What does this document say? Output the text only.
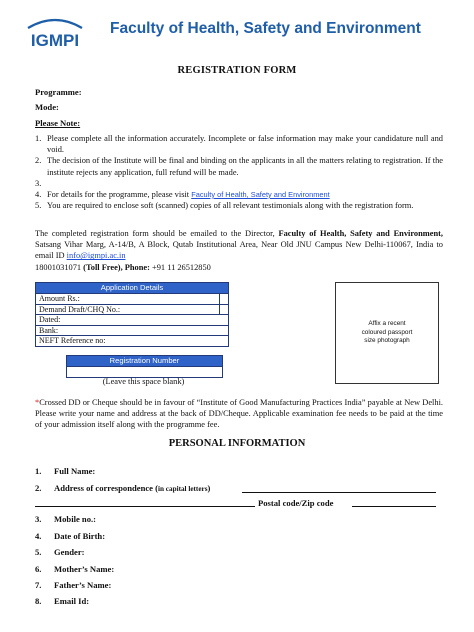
IGMPI
Faculty of Health, Safety and Environment
REGISTRATION FORM
Programme:
Mode:
Please Note:
1. Please complete all the information accurately. Incomplete or false information may make your candidature null and void.
2. The decision of the Institute will be final and binding on the applicants in all the matters relating to registration. If the institute rejects any application, full refund will be made.
3.
4. For details for the programme, please visit Faculty of Health, Safety and Environment
5. You are required to enclose soft (scanned) copies of all relevant testimonials along with the registration form.
The completed registration form should be emailed to the Director, Faculty of Health, Safety and Environment, Satsang Vihar Marg, A-14/B, A Block, Qutab Institutional Area, Near Old JNU Campus New Delhi-110067, India to email ID info@igmpi.ac.in
18001031071 (Toll Free), Phone: +91 11 26512850
Application Details
Amount Rs.:
Demand Draft/CHQ No.:
Dated:
Bank:
NEFT Reference no:
Affix a recent
coloured passport
size photograph
Registration Number
(Leave this space blank)
*Crossed DD or Cheque should be in favour of “Institute of Good Manufacturing Practices India” payable at New Delhi. Please write your name and address at the back of DD/Cheque. Applicable examination fee needs to be paid at the time of your admission itself along with the programme fee.
PERSONAL INFORMATION
1. Full Name:
2. Address of correspondence (in capital letters)
Postal code/Zip code
3. Mobile no.:
4. Date of Birth:
5. Gender:
6. Mother’s Name:
7. Father’s Name:
8. Email Id:
